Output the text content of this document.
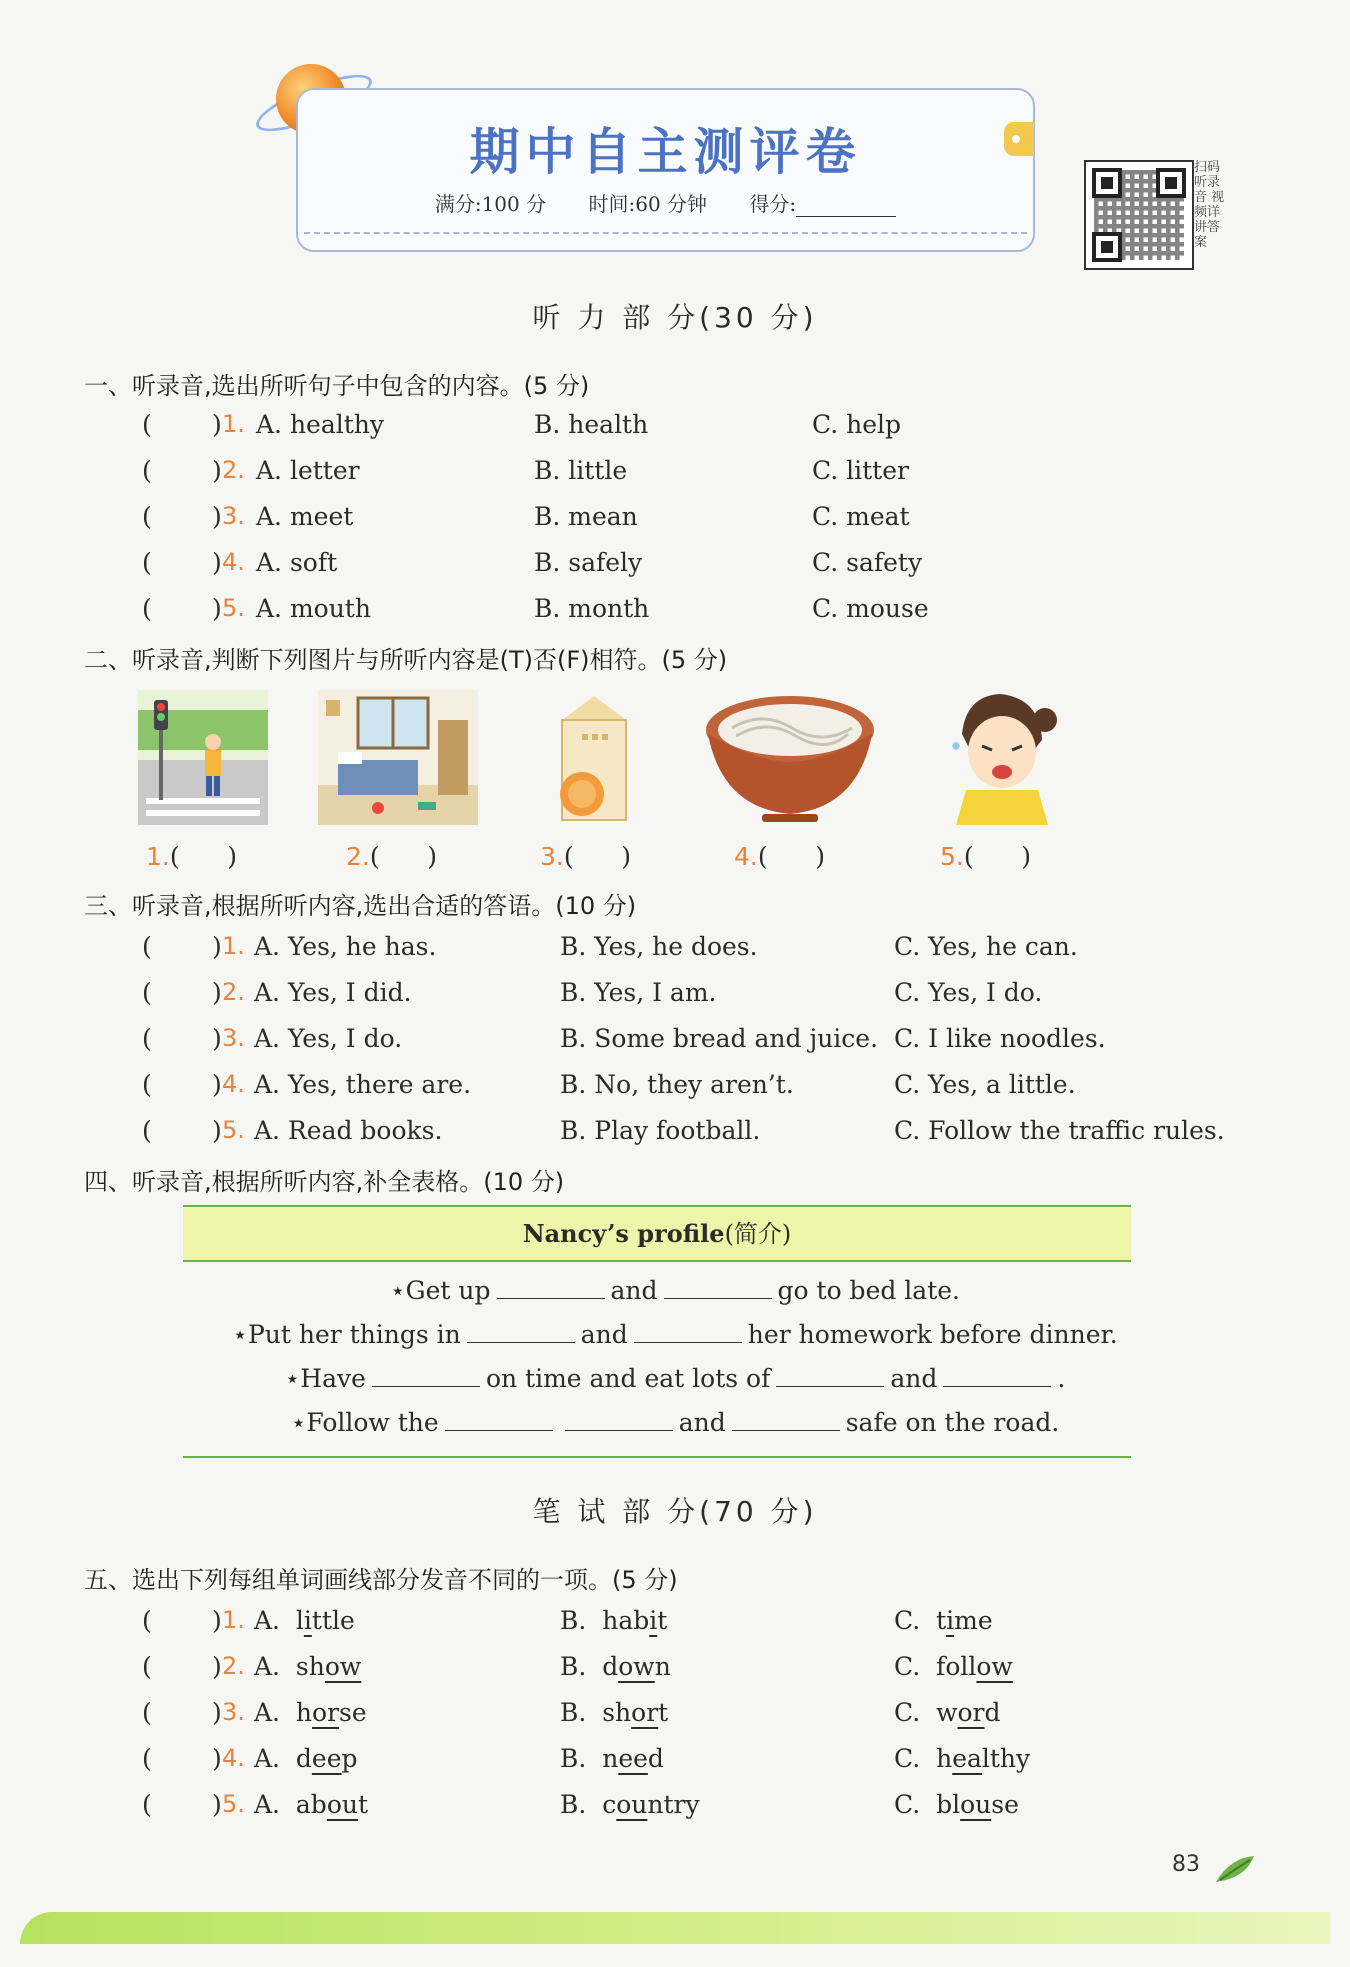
期中自主测评卷
满分:100 分 时间:60 分钟 得分:
扫码听录音 视频详讲答案
听 力 部 分(30 分)
一、听录音,选出所听句子中包含的内容。(5 分)
( ) 1. A. healthy	B. health	C. help
( ) 2. A. letter	B. little	C. litter
( ) 3. A. meet	B. mean	C. meat
( ) 4. A. soft	B. safely	C. safety
( ) 5. A. mouth	B. month	C. mouse
二、听录音,判断下列图片与所听内容是(T)否(F)相符。(5 分)
1.(      )	2.(      )	3.(      )	4.(      )	5.(      )
三、听录音,根据所听内容,选出合适的答语。(10 分)
( ) 1. A. Yes, he has.	B. Yes, he does.	C. Yes, he can.
( ) 2. A. Yes, I did.	B. Yes, I am.	C. Yes, I do.
( ) 3. A. Yes, I do.	B. Some bread and juice. C. I like noodles.
( ) 4. A. Yes, there are.	B. No, they aren’t.	C. Yes, a little.
( ) 5. A. Read books.	B. Play football.	C. Follow the traffic rules.
四、听录音,根据所听内容,补全表格。(10 分)
Nancy’s profile(简介)
⋆Get up	and	go to bed late.
⋆Put her things in	and	her homework before dinner.
⋆Have	on time and eat lots of	and	.
⋆Follow the	and	safe on the road.
笔 试 部 分(70 分)
五、选出下列每组单词画线部分发音不同的一项。(5 分)
( ) 1. A.  little	B.  habit	C.  time
( ) 2. A.  show	B.  down	C.  follow
( ) 3. A.  horse	B.  short	C.  word
( ) 4. A.  deep	B.  need	C.  healthy
( ) 5. A.  about	B.  country	C.  blouse
83
